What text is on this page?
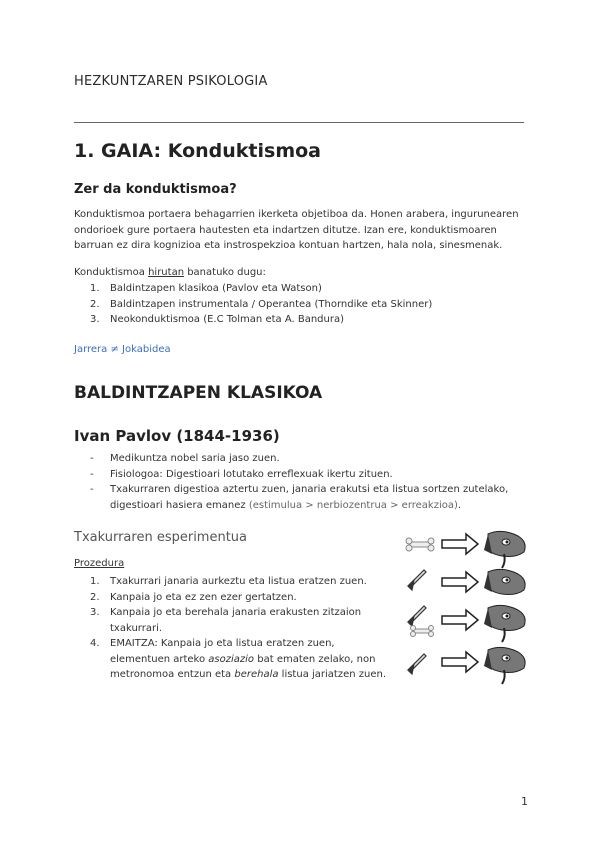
HEZKUNTZAREN PSIKOLOGIA
1. GAIA: Konduktismoa
Zer da konduktismoa?
Konduktismoa portaera behagarrien ikerketa objetiboa da. Honen arabera, ingurunearen ondorioek gure portaera hautesten eta indartzen ditutze. Izan ere, konduktismoaren barruan ez dira kognizioa eta instrospekzioa kontuan hartzen, hala nola, sinesmenak.
Konduktismoa hirutan banatuko dugu:
1. Baldintzapen klasikoa (Pavlov eta Watson)
2. Baldintzapen instrumentala / Operantea (Thorndike eta Skinner)
3. Neokonduktismoa (E.C Tolman eta A. Bandura)
Jarrera ≠ Jokabidea
BALDINTZAPEN KLASIKOA
Ivan Pavlov (1844-1936)
- Medikuntza nobel saria jaso zuen.
- Fisiologoa: Digestioari lotutako erreflexuak ikertu zituen.
- Txakurraren digestioa aztertu zuen, janaria erakutsi eta listua sortzen zutelako, digestioari hasiera emanez (estimulua > nerbiozentrua > erreakzioa).
Txakurraren esperimentua
Prozedura
1. Txakurrari janaria aurkeztu eta listua eratzen zuen.
2. Kanpaia jo eta ez zen ezer gertatzen.
3. Kanpaia jo eta berehala janaria erakusten zitzaion txakurrari.
4. EMAITZA: Kanpaia jo eta listua eratzen zuen, elementuen arteko asoziazio bat ematen zelako, non metronomoa entzun eta berehala listua jariatzen zuen.
1
